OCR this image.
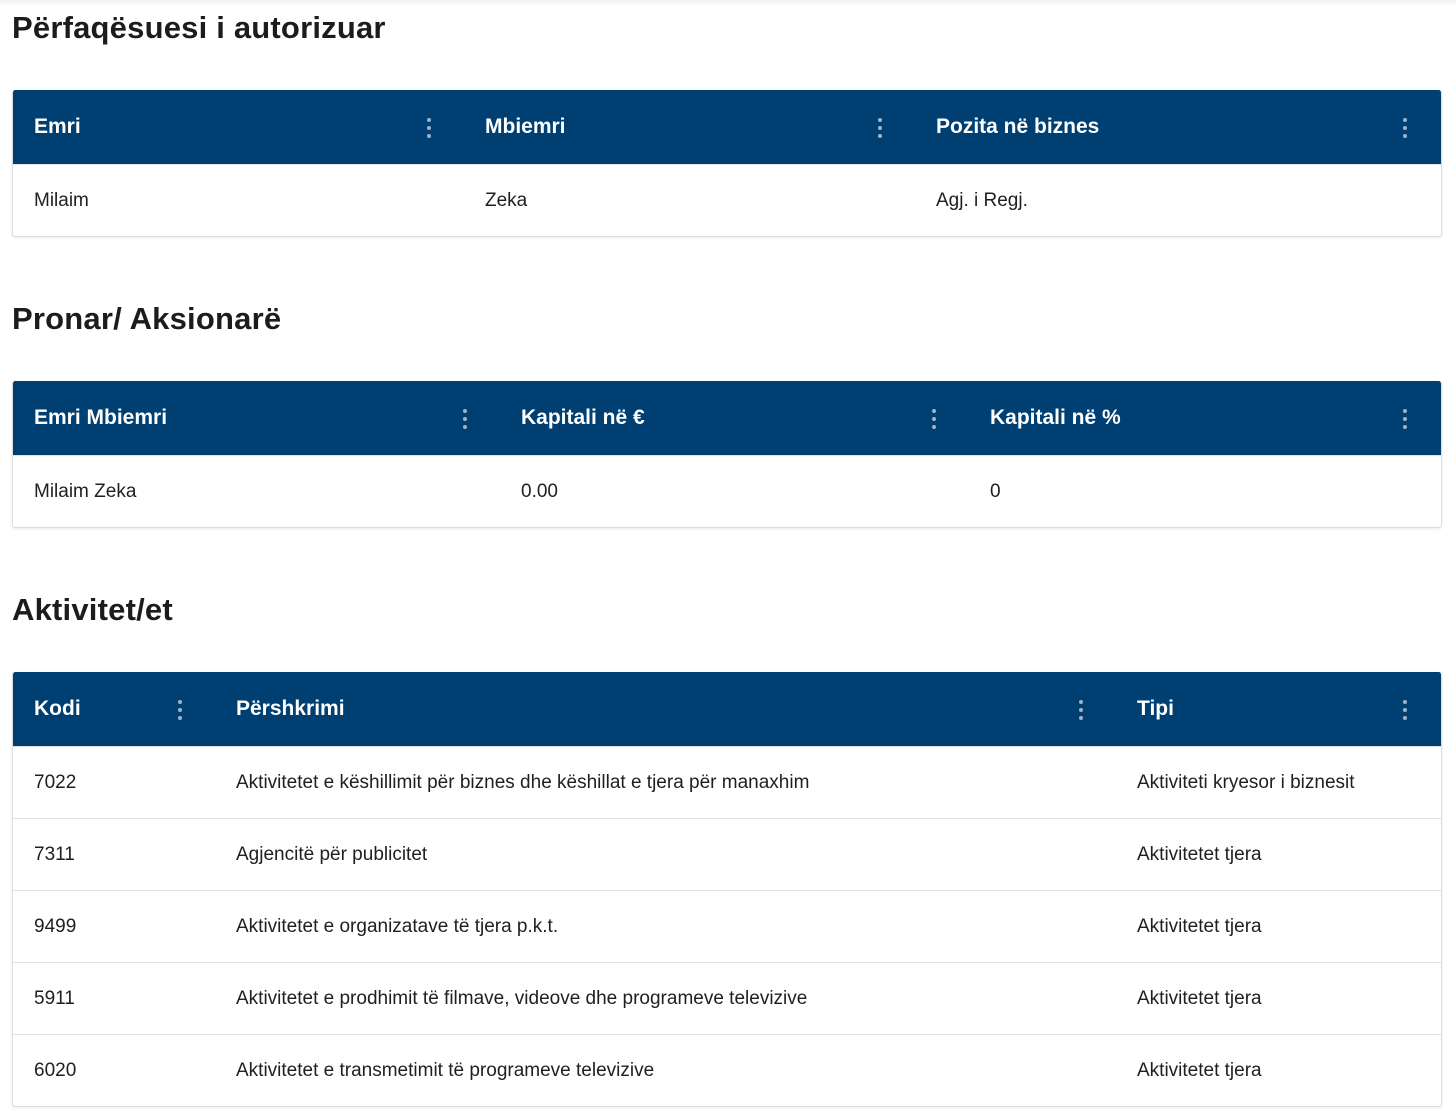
Përfaqësuesi i autorizuar
Emri	Mbiemri	Pozita në biznes
Milaim	Zeka	Agj. i Regj.
Pronar/ Aksionarë
Emri Mbiemri	Kapitali në €	Kapitali në %
Milaim Zeka	0.00	0
Aktivitet/et
Kodi	Përshkrimi	Tipi
7022	Aktivitetet e këshillimit për biznes dhe këshillat e tjera për manaxhim	Aktiviteti kryesor i biznesit
7311	Agjencitë për publicitet	Aktivitetet tjera
9499	Aktivitetet e organizatave të tjera p.k.t.	Aktivitetet tjera
5911	Aktivitetet e prodhimit të filmave, videove dhe programeve televizive	Aktivitetet tjera
6020	Aktivitetet e transmetimit të programeve televizive	Aktivitetet tjera
